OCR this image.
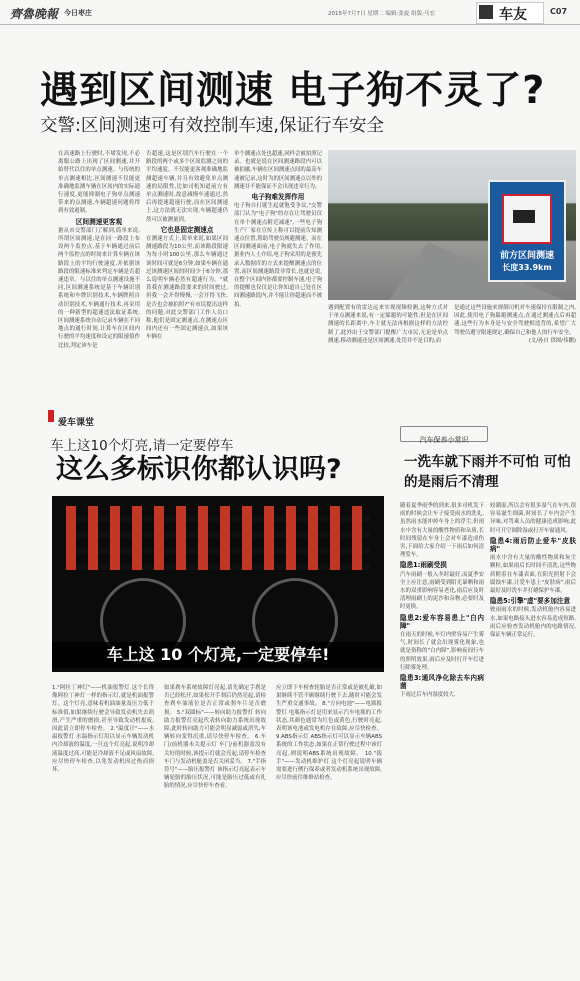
齊魯晚報 今日枣庄	2015年7月7日 星期二 编辑:张旋 组版:马宏	车友	C07
遇到区间测速 电子狗不灵了?
交警:区间测速可有效控制车速,保证行车安全
在高速路上行驶时,不堵发现,不必离服公路上出现了区间测速,并开始替代以往的单点测速。与传统的单点测速相比,区间测速不仅能更准确地监测车辆在区间内的实际通行速度,更能抑制电子狗单点测速带来的点测速,车辆超速问题将得到有效遏制。
区间测速更客观
据从市交警部门了解到,简单来说,所谓区间测速,是在同一路段上布设两个监控点,基于车辆通过前后两个监控点的时间来计算车辆在该路段上的平均行驶速度,并依据该路段的限速标准来判定车辆是否超速违章。与以往的单点测速设施不同,区间测速系统是基于车辆识别系统和车牌识别技术,车辆牌照自动识别技术,车辆通行技术,再采用的一种新型的超速违法取证系统,区间测速系统自动记录车辆在不同地点的通行时间,计算车在区间内行驶的平均速度和设定的限速值作比较,判定该车是
否超速,这是区别汽车行驶在一个路段的两个或多个区间监测之间的平均速度。不仅能更客观准确地监测超速车辆,并且有效避免单点测速的局限性,比如司机知道前方有单点测速时,故意减慢车速通过,然后再提速超速行驶,而在区间测速上,这方法就无法实现,车辆超速仍然可以被测量到。
它也是固定测速点
在测速方式上,简单来说,如果区间测速路段为10公里,而该路段限速为每小时100公里,那么车辆通过该时间可就是6分钟,如果车辆在通过该测速区间的时间少于6分钟,那么说明车辆必然有超速行为。"就算我在测速路段要求的时间驶过,但我一会开得慢慢,一会开得飞快,是否也会被拍照?"有市民提出这样的问题,对此交警部门工作人员口称,他们是固定测速点,在测速点区间内还有一些固定测速点,如果该车辆在
单个测速点处也超速,同样会被拍照记录。也就是说在区间测速路段内可以被拍摄,车辆在区间测速点间的最高车速被记录,这时为的区间测速点以外的测速并不能保证不会出现违章行为。
电子狗难发挥作用
电子狗自打诞生起就饱受争议,"交警部门认为"电子狗"的存在让驾驶员仅在单个测速点附近减速",一些电子狗生产厂家在宣传上称可以提前告知测速点位置,帮助驾驶员规避测速。而在区间测速面前,电子狗就失去了作用,据业内人士介绍,电子狗采用的是预先录入数据库的方式来提醒测速点的位置,而区间测速路段非常长,也就是说,在整个区间内你都要控制车速,电子狗的提醒也仅仅是让你知道自己处在区间测速路段内,并不能让你超速而不被拍。
前方区间测速
长度33.9km
遇到配置有的雷达远来实现视频检测,这种方式对于单点测速来说,有一定躲避的可能性,但是在区间测速的长距离中,车主就无法再根据这样的方法控制了,此外由于交警部门提醒广大市民,无论是单点测速,移动测速还是区间测速,处罚并不是目的,而
是通过这些设施来规制司机对车速保持在限制之内,因此,使用电子狗躲避测速点,在通过测速点后再超速,这些行为本身是与安全驾驶相违背的,希望广大驾驶员遵守限速规定,确保自己和他人的行车安全。
(文/孙自 供图/伟鹏)
爱车课堂
车上这10个灯亮,请一定要停车
这么多标识你都认识吗?
车上这 10 个灯亮,一定要停车!
1."阿拉丁神灯"——机油报警灯 这个长得像阿拉丁神灯一样的指示灯,就是机油报警灯。这个灯亮,意味着机油油量及压力低于标准值,如果继续行驶会导致发动机失去润滑,产生严重的磨损,甚至导致发动机报废,因此请立即停车检查。 2."温度计"——水温报警灯 水温指示灯用以显示车辆发动机内冷却液的温度,一旦这个灯亮起,说明冷却液温度过高,可能是冷却液不足或风扇故障,应尽快停车检查,以免发动机因过热而损坏。
如果刹车系统故障灯亮起,请先确定手刹是否已经松开,如果松开手刹后仍然亮起,请检查刹车油液位是否正常或刹车片是否磨损。 5."双圆标"——转向助力报警灯 转向助力报警灯亮起代表转向助力系统出现故障,此时转向助力可能会明显减弱或消失,车辆转向变得沉重,请尽快停车检查。 6.车门/前机器未关提示灯 车门/前机器盖没有关好的时候,该提示灯就会亮起,请停车检查车门与发动机舱盖是否关闭妥当。 7."手指符号"——胎压报警灯 该指示灯亮起表示车辆轮胎的胎压状况,可能是胎压过低或有扎胎的情况,应尽快停车查看。
应立即下车检查轮胎是否正常或是被扎破,如果继续不管不顾继续行驶下去,随时可能会发生严重交通事故。 8."方向电池"——电瓶报警灯 电瓶指示灯是用来显示汽车电瓶的工作状态,其颜色通常为红色或黄色,行驶时亮起,表明该电池或发电机存在故障,应尽快检查。 9.ABS指示灯 ABS指示灯可以显示车辆ABS系统的工作状态,如果在正常行驶过程中该灯亮起,则说明ABS系统出现故障。 10."扳手"——发动机维护灯 这个灯亮起说明车辆需要进行例行保养或者发动机系统出现故障,应尽快前往维修站检查。
汽车保养小常识
一洗车就下雨并不可怕 可怕的是雨后不清理
随着夏季雨季的到来,很多司机发下雨的时候会让车子接受雨水的洗礼,虽然雨水能冲掉车身上的浮尘,但雨水中含有大量的酸性物质和杂质,长时间残留在车身上会对车漆造成伤害,下面给大家介绍一下雨后如何清理爱车。
隐患1:雨刷受损
汽车雨刷一般入冬时最好,而夏季安全上应注意,雨刷受到阳光暴晒和雨水的双重影响容易老化,雨后应及时清理雨刷上的泥沙和杂物,必要时及时更换。
隐患2:爱车容易患上"白内障"
在雨天的时候,车灯内壁容易产生雾气,时间长了就会出现雾化现象,也就是俗称的"白内障",影响夜间行车的照明效果,雨后应及时打开车灯进行除雾处理。
隐患3:通风净化除去车内病菌
下雨过后车内湿度较大,
较潮湿,所以会有很多湿气在车内,很容易滋生细菌,时间长了车内会产生异味,对驾乘人员的健康造成影响,此时可开空调除湿或打开车窗通风。
隐患4:雨后防止爱车"皮肤病"
雨水中含有大量的酸性物质和灰尘颗粒,如果雨后长时间不清洗,这些物质附着在车漆表面,在阳光照射下会腐蚀车漆,让爱车患上"皮肤病",雨后最好及时洗车并打蜡保护车漆。
隐患5:引擎"虚"要多加注意
驶雨雨水的时候,发动机舱内容易进水,如果电路接头进水容易造成短路,雨后应检查发动机舱内的电路情况,保证车辆正常运行。
